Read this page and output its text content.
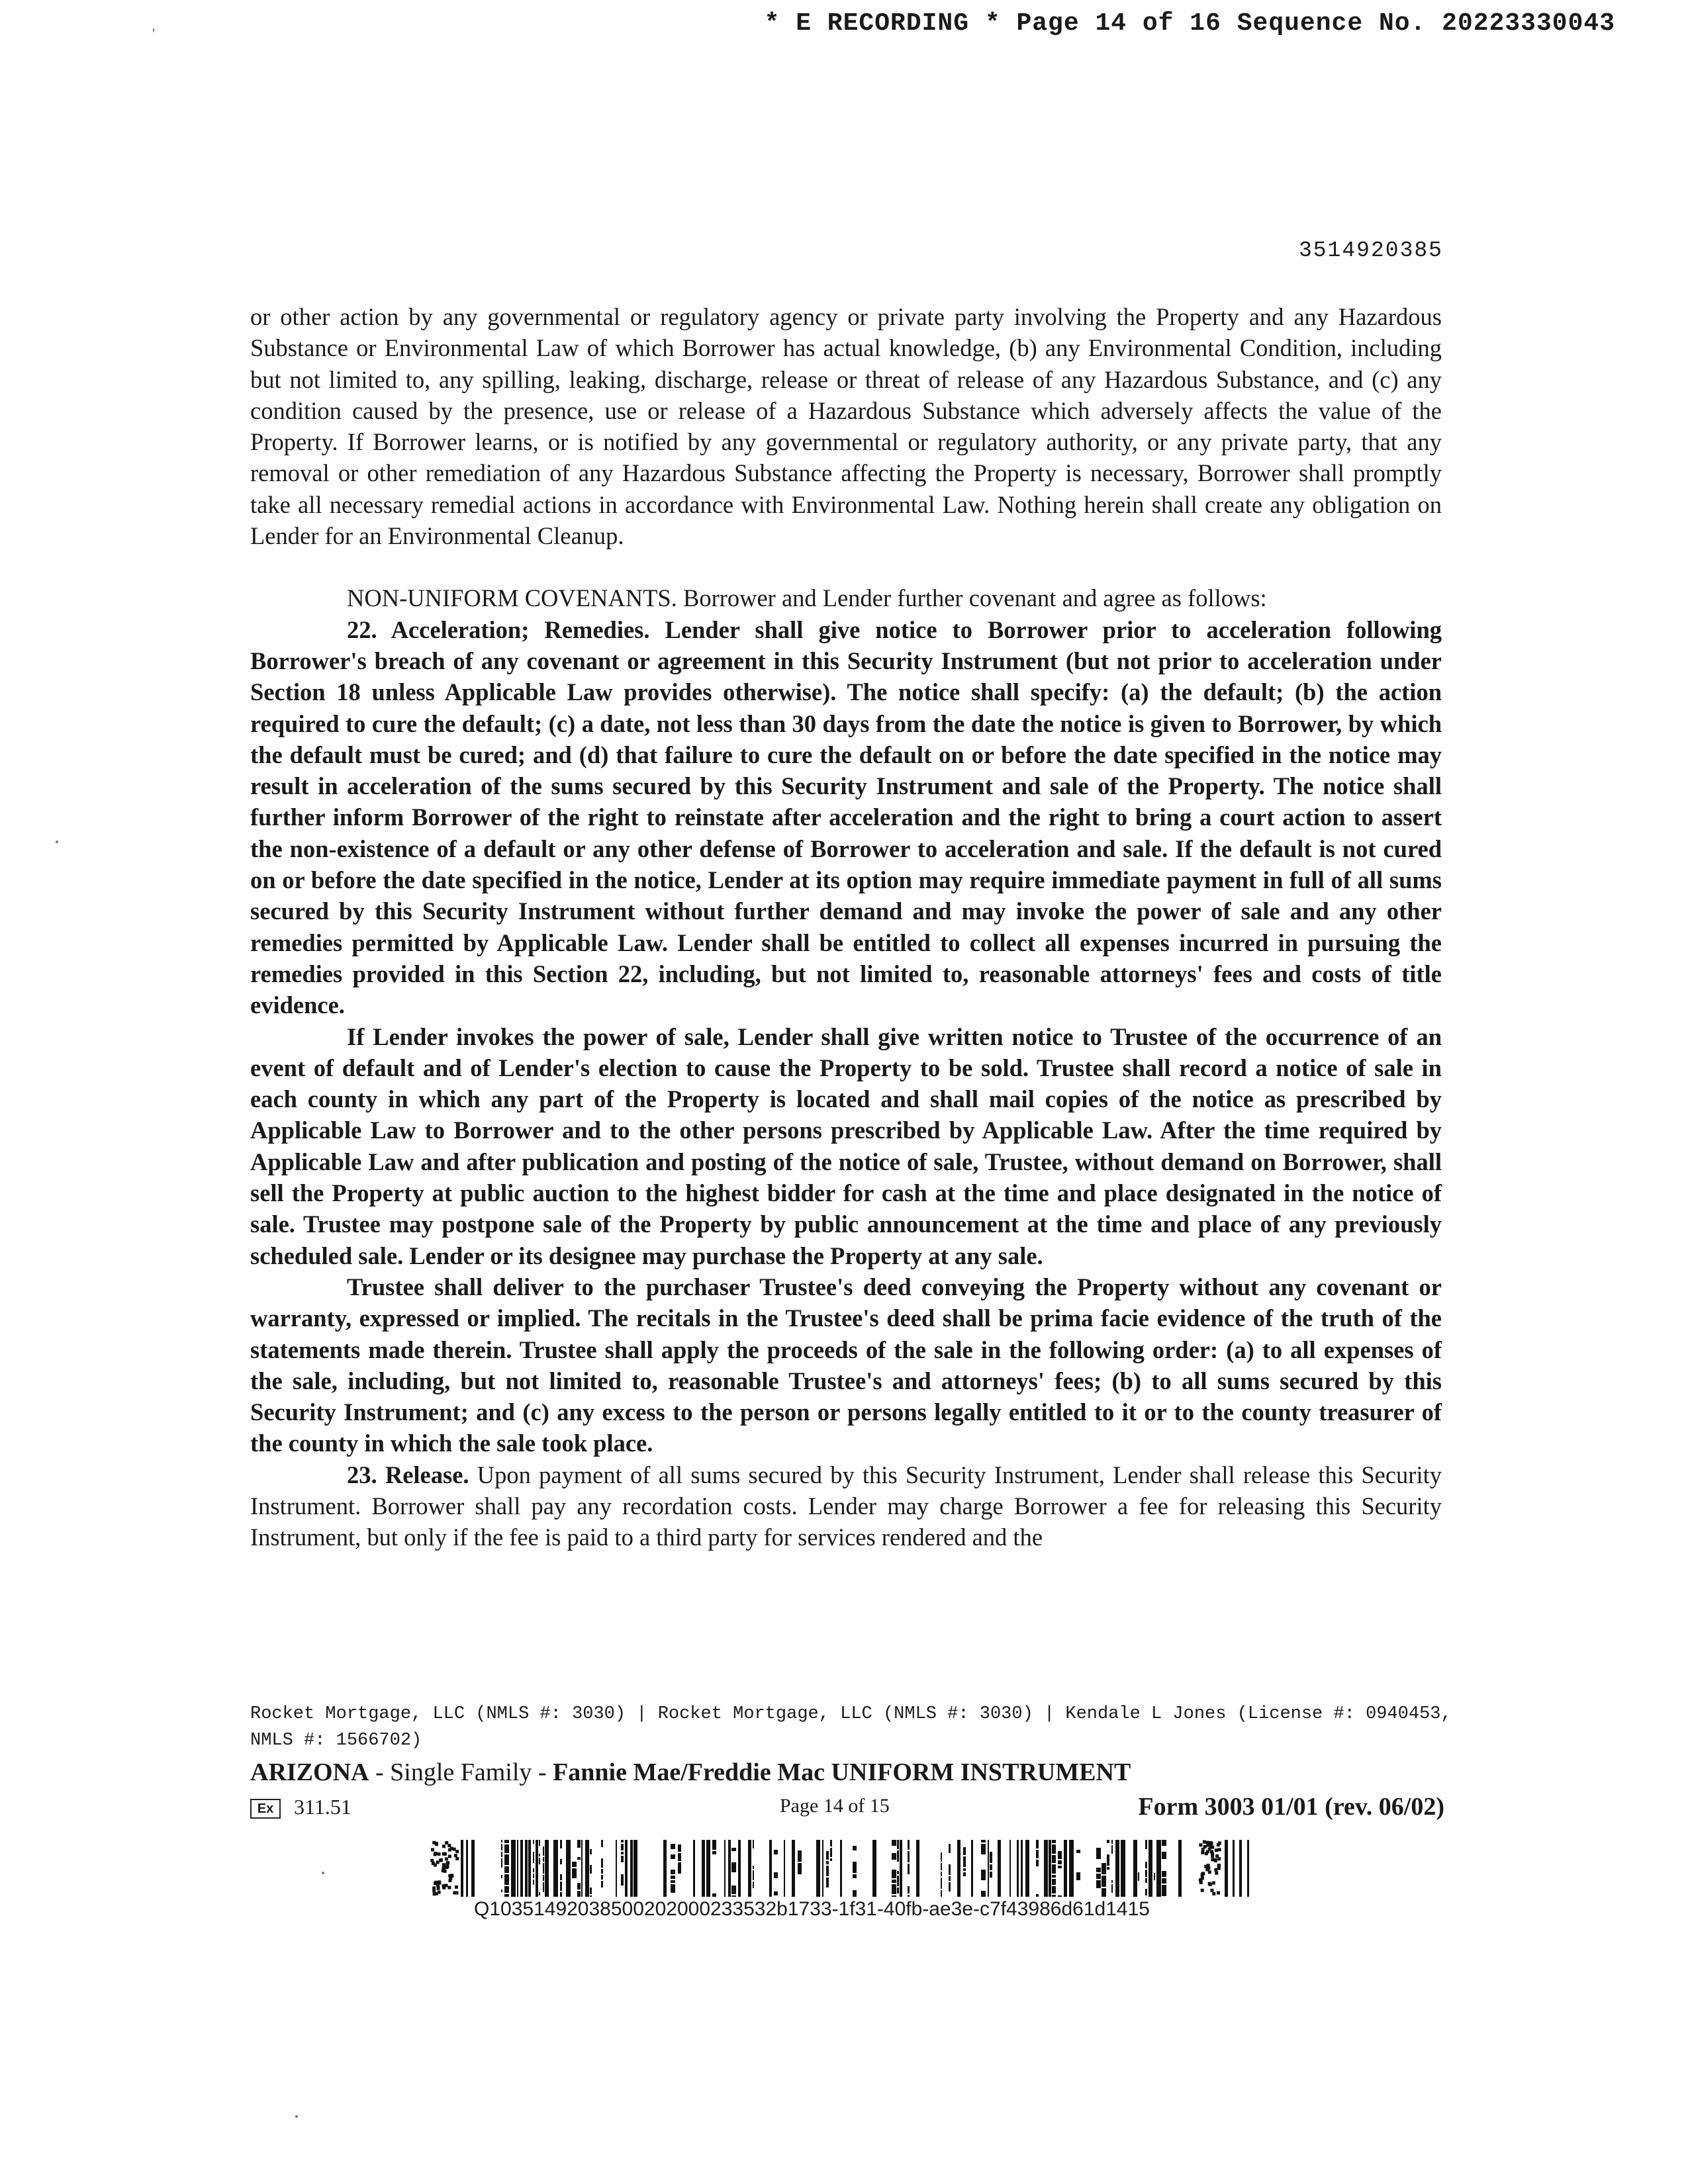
'	* E RECORDING * Page 14 of 16 Sequence No. 20223330043
3514920385

or other action by any governmental or regulatory agency or private party involving the Property and any Hazardous Substance or Environmental Law of which Borrower has actual knowledge, (b) any Environmental Condition, including but not limited to, any spilling, leaking, discharge, release or threat of release of any Hazardous Substance, and (c) any condition caused by the presence, use or release of a Hazardous Substance which adversely affects the value of the Property. If Borrower learns, or is notified by any governmental or regulatory authority, or any private party, that any removal or other remediation of any Hazardous Substance affecting the Property is necessary, Borrower shall promptly take all necessary remedial actions in accordance with Environmental Law. Nothing herein shall create any obligation on Lender for an Environmental Cleanup.

NON-UNIFORM COVENANTS. Borrower and Lender further covenant and agree as follows:

22. Acceleration; Remedies. Lender shall give notice to Borrower prior to acceleration following Borrower's breach of any covenant or agreement in this Security Instrument (but not prior to acceleration under Section 18 unless Applicable Law provides otherwise). The notice shall specify: (a) the default; (b) the action required to cure the default; (c) a date, not less than 30 days from the date the notice is given to Borrower, by which the default must be cured; and (d) that failure to cure the default on or before the date specified in the notice may result in acceleration of the sums secured by this Security Instrument and sale of the Property. The notice shall further inform Borrower of the right to reinstate after acceleration and the right to bring a court action to assert the non-existence of a default or any other defense of Borrower to acceleration and sale. If the default is not cured on or before the date specified in the notice, Lender at its option may require immediate payment in full of all sums secured by this Security Instrument without further demand and may invoke the power of sale and any other remedies permitted by Applicable Law. Lender shall be entitled to collect all expenses incurred in pursuing the remedies provided in this Section 22, including, but not limited to, reasonable attorneys' fees and costs of title evidence.

If Lender invokes the power of sale, Lender shall give written notice to Trustee of the occurrence of an event of default and of Lender's election to cause the Property to be sold. Trustee shall record a notice of sale in each county in which any part of the Property is located and shall mail copies of the notice as prescribed by Applicable Law to Borrower and to the other persons prescribed by Applicable Law. After the time required by Applicable Law and after publication and posting of the notice of sale, Trustee, without demand on Borrower, shall sell the Property at public auction to the highest bidder for cash at the time and place designated in the notice of sale. Trustee may postpone sale of the Property by public announcement at the time and place of any previously scheduled sale. Lender or its designee may purchase the Property at any sale.

Trustee shall deliver to the purchaser Trustee's deed conveying the Property without any covenant or warranty, expressed or implied. The recitals in the Trustee's deed shall be prima facie evidence of the truth of the statements made therein. Trustee shall apply the proceeds of the sale in the following order: (a) to all expenses of the sale, including, but not limited to, reasonable Trustee's and attorneys' fees; (b) to all sums secured by this Security Instrument; and (c) any excess to the person or persons legally entitled to it or to the county treasurer of the county in which the sale took place.

23. Release. Upon payment of all sums secured by this Security Instrument, Lender shall release this Security Instrument. Borrower shall pay any recordation costs. Lender may charge Borrower a fee for releasing this Security Instrument, but only if the fee is paid to a third party for services rendered and the

Rocket Mortgage, LLC (NMLS #: 3030) | Rocket Mortgage, LLC (NMLS #: 3030) | Kendale L Jones (License #: 0940453, NMLS #: 1566702)
ARIZONA - Single Family - Fannie Mae/Freddie Mac UNIFORM INSTRUMENT
Ex 311.51	Page 14 of 15	Form 3003 01/01 (rev. 06/02)
Q10351492038500202000233532b1733-1f31-40fb-ae3e-c7f43986d61d1415
